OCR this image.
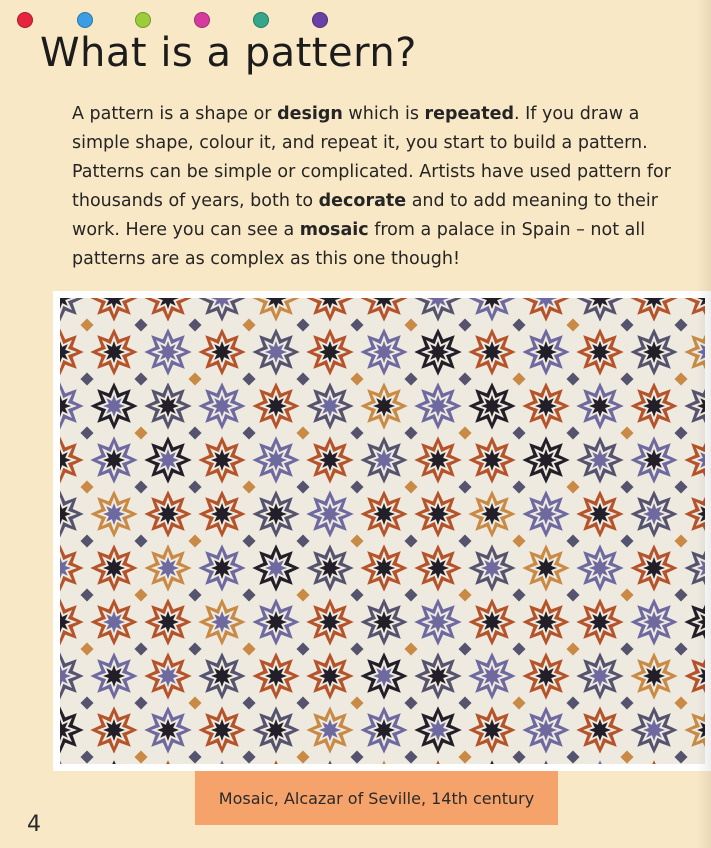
What is a pattern?

A pattern is a shape or design which is repeated. If you draw a simple shape, colour it, and repeat it, you start to build a pattern. Patterns can be simple or complicated. Artists have used pattern for thousands of years, both to decorate and to add meaning to their work. Here you can see a mosaic from a palace in Spain – not all patterns are as complex as this one though!

Mosaic, Alcazar of Seville, 14th century
4
